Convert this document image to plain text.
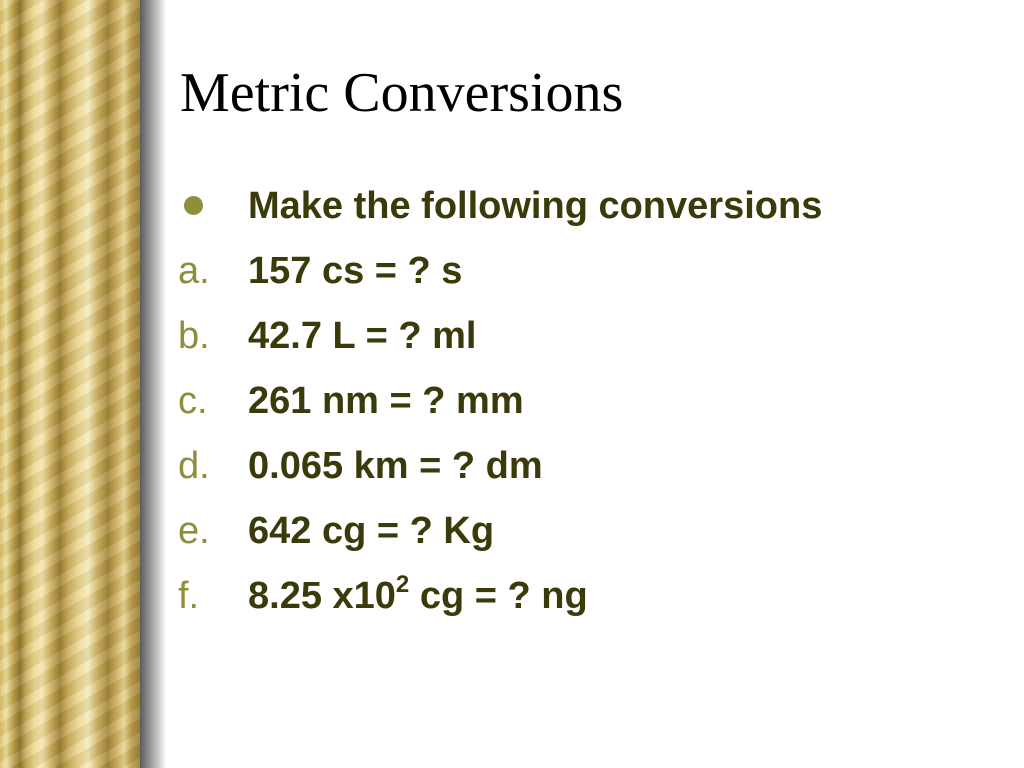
Metric Conversions
Make the following conversions
a. 157 cs = ? s
b. 42.7 L = ? ml
c. 261 nm = ? mm
d. 0.065 km = ? dm
e. 642 cg = ? Kg
f. 8.25 $x10^2$ cg = ? ng
